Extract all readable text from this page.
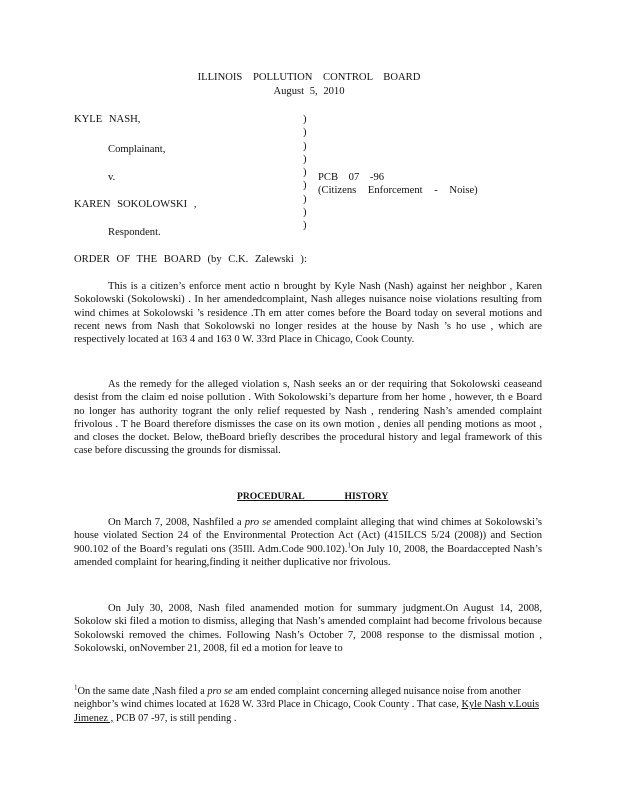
ILLINOIS POLLUTION CONTROL BOARD
August 5, 2010
KYLE NASH,
Complainant,
v.
KAREN SOKOLOWSKI ,
Respondent.
)
)
)
)
)
)
)
)
)
PCB 07 -96
(Citizens Enforcement - Noise)
ORDER OF THE BOARD (by C.K. Zalewski ):
This is a citizen’s enforce ment actio n brought by Kyle Nash (Nash) against her neighbor , Karen Sokolowski (Sokolowski) . In her amendedcomplaint, Nash alleges nuisance noise violations resulting from wind chimes at Sokolowski ’s residence .Th em atter comes before the Board today on several motions and recent news from Nash that Sokolowski no longer resides at the house by Nash ’s ho use , which are respectively located at 163 4 and 163 0 W. 33rd Place in Chicago, Cook County.
As the remedy for the alleged violation s, Nash seeks an or der requiring that Sokolowski ceaseand desist from the claim ed noise pollution . With Sokolowski’s departure from her home , however, th e Board no longer has authority togrant the only relief requested by Nash , rendering Nash’s amended complaint frivolous . T he Board therefore dismisses the case on its own motion , denies all pending motions as moot , and closes the docket. Below, theBoard briefly describes the procedural history and legal framework of this case before discussing the grounds for dismissal.
PROCEDURAL HISTORY
On March 7, 2008, Nashfiled a pro se amended complaint alleging that wind chimes at Sokolowski’s house violated Section 24 of the Environmental Protection Act (Act) (415ILCS 5/24 (2008)) and Section 900.102 of the Board’s regulati ons (35Ill. Adm.Code 900.102).$^1$On July 10, 2008, the Boardaccepted Nash’s amended complaint for hearing,finding it neither duplicative nor frivolous.
On July 30, 2008, Nash filed anamended motion for summary judgment.On August 14, 2008, Sokolow ski filed a motion to dismiss, alleging that Nash’s amended complaint had become frivolous because Sokolowski removed the chimes. Following Nash’s October 7, 2008 response to the dismissal motion , Sokolowski, onNovember 21, 2008, fil ed a motion for leave to
$^1$On the same date ,Nash filed a pro se am ended complaint concerning alleged nuisance noise from another neighbor’s wind chimes located at 1628 W. 33rd Place in Chicago, Cook County . That case, Kyle Nash v.Louis Jimenez , PCB 07 -97, is still pending .
